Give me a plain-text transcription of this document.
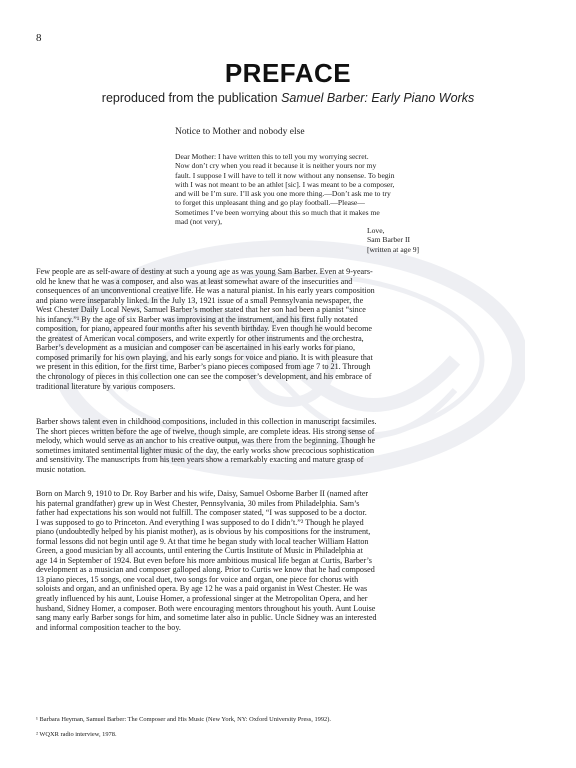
8
PREFACE
reproduced from the publication Samuel Barber: Early Piano Works
Notice to Mother and nobody else
Dear Mother: I have written this to tell you my worrying secret.
Now don’t cry when you read it because it is neither yours nor my
fault. I suppose I will have to tell it now without any nonsense. To begin
with I was not meant to be an athlet [sic]. I was meant to be a composer,
and will be I’m sure. I’ll ask you one more thing.—Don’t ask me to try
to forget this unpleasant thing and go play football.—Please—
Sometimes I’ve been worrying about this so much that it makes me
mad (not very),
Love,
Sam Barber II
[written at age 9]
Few people are as self-aware of destiny at such a young age as was young Sam Barber. Even at 9-years-
old he knew that he was a composer, and also was at least somewhat aware of the insecurities and
consequences of an unconventional creative life. He was a natural pianist. In his early years composition
and piano were inseparably linked. In the July 13, 1921 issue of a small Pennsylvania newspaper, the
West Chester Daily Local News, Samuel Barber’s mother stated that her son had been a pianist “since
his infancy.”¹ By the age of six Barber was improvising at the instrument, and his first fully notated
composition, for piano, appeared four months after his seventh birthday. Even though he would become
the greatest of American vocal composers, and write expertly for other instruments and the orchestra,
Barber’s development as a musician and composer can be ascertained in his early works for piano,
composed primarily for his own playing, and his early songs for voice and piano. It is with pleasure that
we present in this edition, for the first time, Barber’s piano pieces composed from age 7 to 21. Through
the chronology of pieces in this collection one can see the composer’s development, and his embrace of
traditional literature by various composers.
Barber shows talent even in childhood compositions, included in this collection in manuscript facsimiles.
The short pieces written before the age of twelve, though simple, are complete ideas. His strong sense of
melody, which would serve as an anchor to his creative output, was there from the beginning. Though he
sometimes imitated sentimental lighter music of the day, the early works show precocious sophistication
and sensitivity. The manuscripts from his teen years show a remarkably exacting and mature grasp of
music notation.
Born on March 9, 1910 to Dr. Roy Barber and his wife, Daisy, Samuel Osborne Barber II (named after
his paternal grandfather) grew up in West Chester, Pennsylvania, 30 miles from Philadelphia. Sam’s
father had expectations his son would not fulfill. The composer stated, “I was supposed to be a doctor.
I was supposed to go to Princeton. And everything I was supposed to do I didn’t.”² Though he played
piano (undoubtedly helped by his pianist mother), as is obvious by his compositions for the instrument,
formal lessons did not begin until age 9. At that time he began study with local teacher William Hatton
Green, a good musician by all accounts, until entering the Curtis Institute of Music in Philadelphia at
age 14 in September of 1924. But even before his more ambitious musical life began at Curtis, Barber’s
development as a musician and composer galloped along. Prior to Curtis we know that he had composed
13 piano pieces, 15 songs, one vocal duet, two songs for voice and organ, one piece for chorus with
soloists and organ, and an unfinished opera. By age 12 he was a paid organist in West Chester. He was
greatly influenced by his aunt, Louise Homer, a professional singer at the Metropolitan Opera, and her
husband, Sidney Homer, a composer. Both were encouraging mentors throughout his youth. Aunt Louise
sang many early Barber songs for him, and sometime later also in public. Uncle Sidney was an interested
and informal composition teacher to the boy.
¹ Barbara Heyman, Samuel Barber: The Composer and His Music (New York, NY: Oxford University Press, 1992).
² WQXR radio interview, 1978.
